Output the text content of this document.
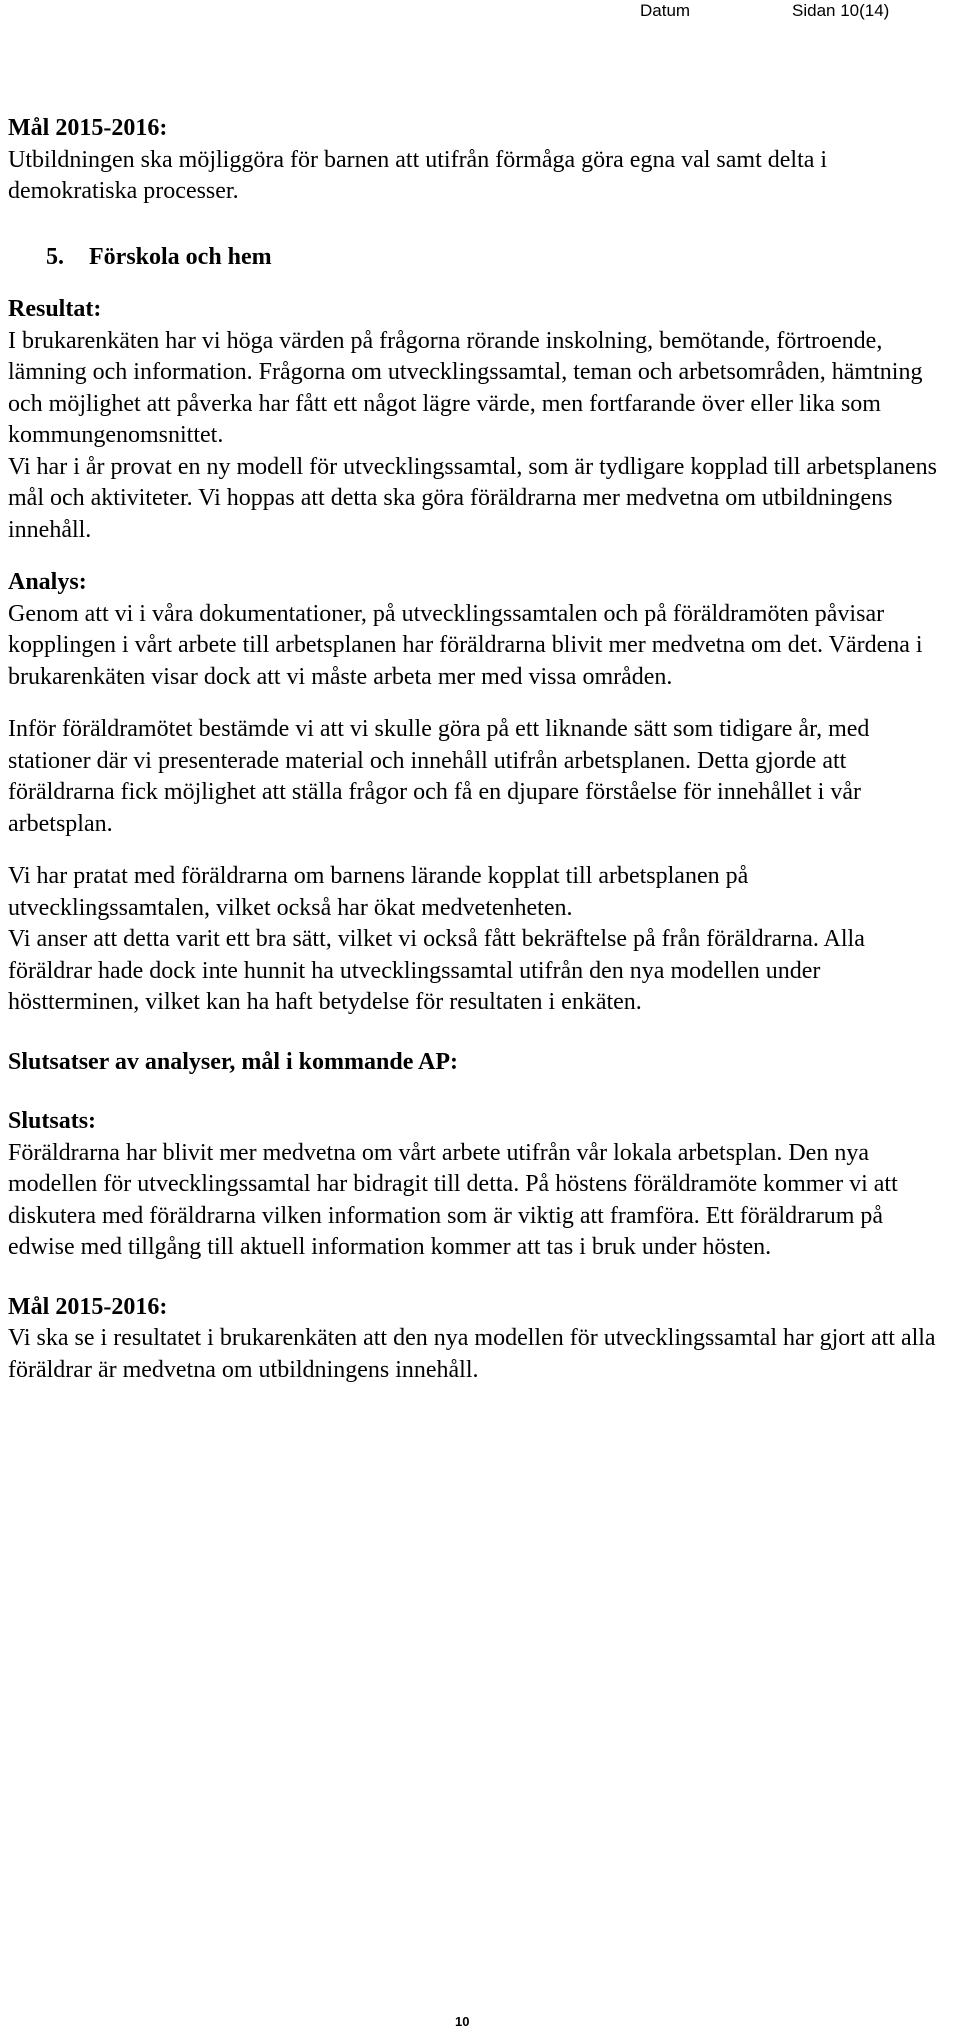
Datum	Sidan 10(14)

Mål 2015-2016:

Utbildningen ska möjliggöra för barnen att utifrån förmåga göra egna val samt delta i demokratiska processer.

5. Förskola och hem

Resultat:

I brukarenkäten har vi höga värden på frågorna rörande inskolning, bemötande, förtroende, lämning och information. Frågorna om utvecklingssamtal, teman och arbetsområden, hämtning och möjlighet att påverka har fått ett något lägre värde, men fortfarande över eller lika som kommungenomsnittet.

Vi har i år provat en ny modell för utvecklingssamtal, som är tydligare kopplad till arbetsplanens mål och aktiviteter. Vi hoppas att detta ska göra föräldrarna mer medvetna om utbildningens innehåll.

Analys:

Genom att vi i våra dokumentationer, på utvecklingssamtalen och på föräldramöten påvisar kopplingen i vårt arbete till arbetsplanen har föräldrarna blivit mer medvetna om det. Värdena i brukarenkäten visar dock att vi måste arbeta mer med vissa områden.

Inför föräldramötet bestämde vi att vi skulle göra på ett liknande sätt som tidigare år, med stationer där vi presenterade material och innehåll utifrån arbetsplanen. Detta gjorde att föräldrarna fick möjlighet att ställa frågor och få en djupare förståelse för innehållet i vår arbetsplan.

Vi har pratat med föräldrarna om barnens lärande kopplat till arbetsplanen på utvecklingssamtalen, vilket också har ökat medvetenheten.

Vi anser att detta varit ett bra sätt, vilket vi också fått bekräftelse på från föräldrarna. Alla föräldrar hade dock inte hunnit ha utvecklingssamtal utifrån den nya modellen under höstterminen, vilket kan ha haft betydelse för resultaten i enkäten.

Slutsatser av analyser, mål i kommande AP:

Slutsats:

Föräldrarna har blivit mer medvetna om vårt arbete utifrån vår lokala arbetsplan. Den nya modellen för utvecklingssamtal har bidragit till detta. På höstens föräldramöte kommer vi att diskutera med föräldrarna vilken information som är viktig att framföra. Ett föräldrarum på edwise med tillgång till aktuell information kommer att tas i bruk under hösten.

Mål 2015-2016:

Vi ska se i resultatet i brukarenkäten att den nya modellen för utvecklingssamtal har gjort att alla föräldrar är medvetna om utbildningens innehåll.

10
